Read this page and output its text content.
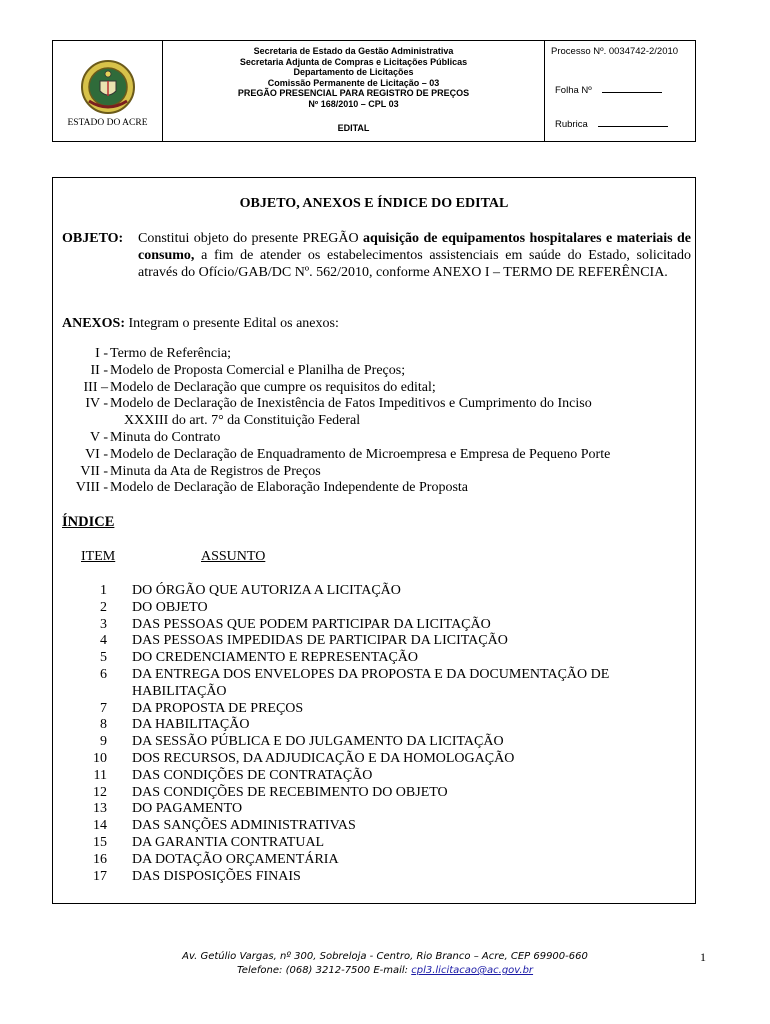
ESTADO DO ACRE
Secretaria de Estado da Gestão Administrativa
Secretaria Adjunta de Compras e Licitações Públicas
Departamento de Licitações
Comissão Permanente de Licitação – 03
PREGÃO PRESENCIAL PARA REGISTRO DE PREÇOS
Nº 168/2010 – CPL 03
EDITAL
Processo Nº. 0034742-2/2010
Folha Nº
Rubrica
OBJETO, ANEXOS E ÍNDICE DO EDITAL
OBJETO: Constitui objeto do presente PREGÃO aquisição de equipamentos hospitalares e materiais de consumo, a fim de atender os estabelecimentos assistenciais em saúde do Estado, solicitado através do Ofício/GAB/DC Nº. 562/2010, conforme ANEXO I – TERMO DE REFERÊNCIA.
ANEXOS: Integram o presente Edital os anexos:
I - Termo de Referência;
II - Modelo de Proposta Comercial e Planilha de Preços;
III – Modelo de Declaração que cumpre os requisitos do edital;
IV - Modelo de Declaração de Inexistência de Fatos Impeditivos e Cumprimento do Inciso
XXXIII do art. 7° da Constituição Federal
V - Minuta do Contrato
VI - Modelo de Declaração de Enquadramento de Microempresa e Empresa de Pequeno Porte
VII - Minuta da Ata de Registros de Preços
VIII - Modelo de Declaração de Elaboração Independente de Proposta
ÍNDICE
ITEM	ASSUNTO
1 DO ÓRGÃO QUE AUTORIZA A LICITAÇÃO
2 DO OBJETO
3 DAS PESSOAS QUE PODEM PARTICIPAR DA LICITAÇÃO
4 DAS PESSOAS IMPEDIDAS DE PARTICIPAR DA LICITAÇÃO
5 DO CREDENCIAMENTO E REPRESENTAÇÃO
6 DA ENTREGA DOS ENVELOPES DA PROPOSTA E DA DOCUMENTAÇÃO DE HABILITAÇÃO
7 DA PROPOSTA DE PREÇOS
8 DA HABILITAÇÃO
9 DA SESSÃO PÚBLICA E DO JULGAMENTO DA LICITAÇÃO
10 DOS RECURSOS, DA ADJUDICAÇÃO E DA HOMOLOGAÇÃO
11 DAS CONDIÇÕES DE CONTRATAÇÃO
12 DAS CONDIÇÕES DE RECEBIMENTO DO OBJETO
13 DO PAGAMENTO
14 DAS SANÇÕES ADMINISTRATIVAS
15 DA GARANTIA CONTRATUAL
16 DA DOTAÇÃO ORÇAMENTÁRIA
17 DAS DISPOSIÇÕES FINAIS
Av. Getúlio Vargas, nº 300, Sobreloja - Centro, Rio Branco – Acre, CEP 69900-660
Telefone: (068) 3212-7500 E-mail: cpl3.licitacao@ac.gov.br
1
